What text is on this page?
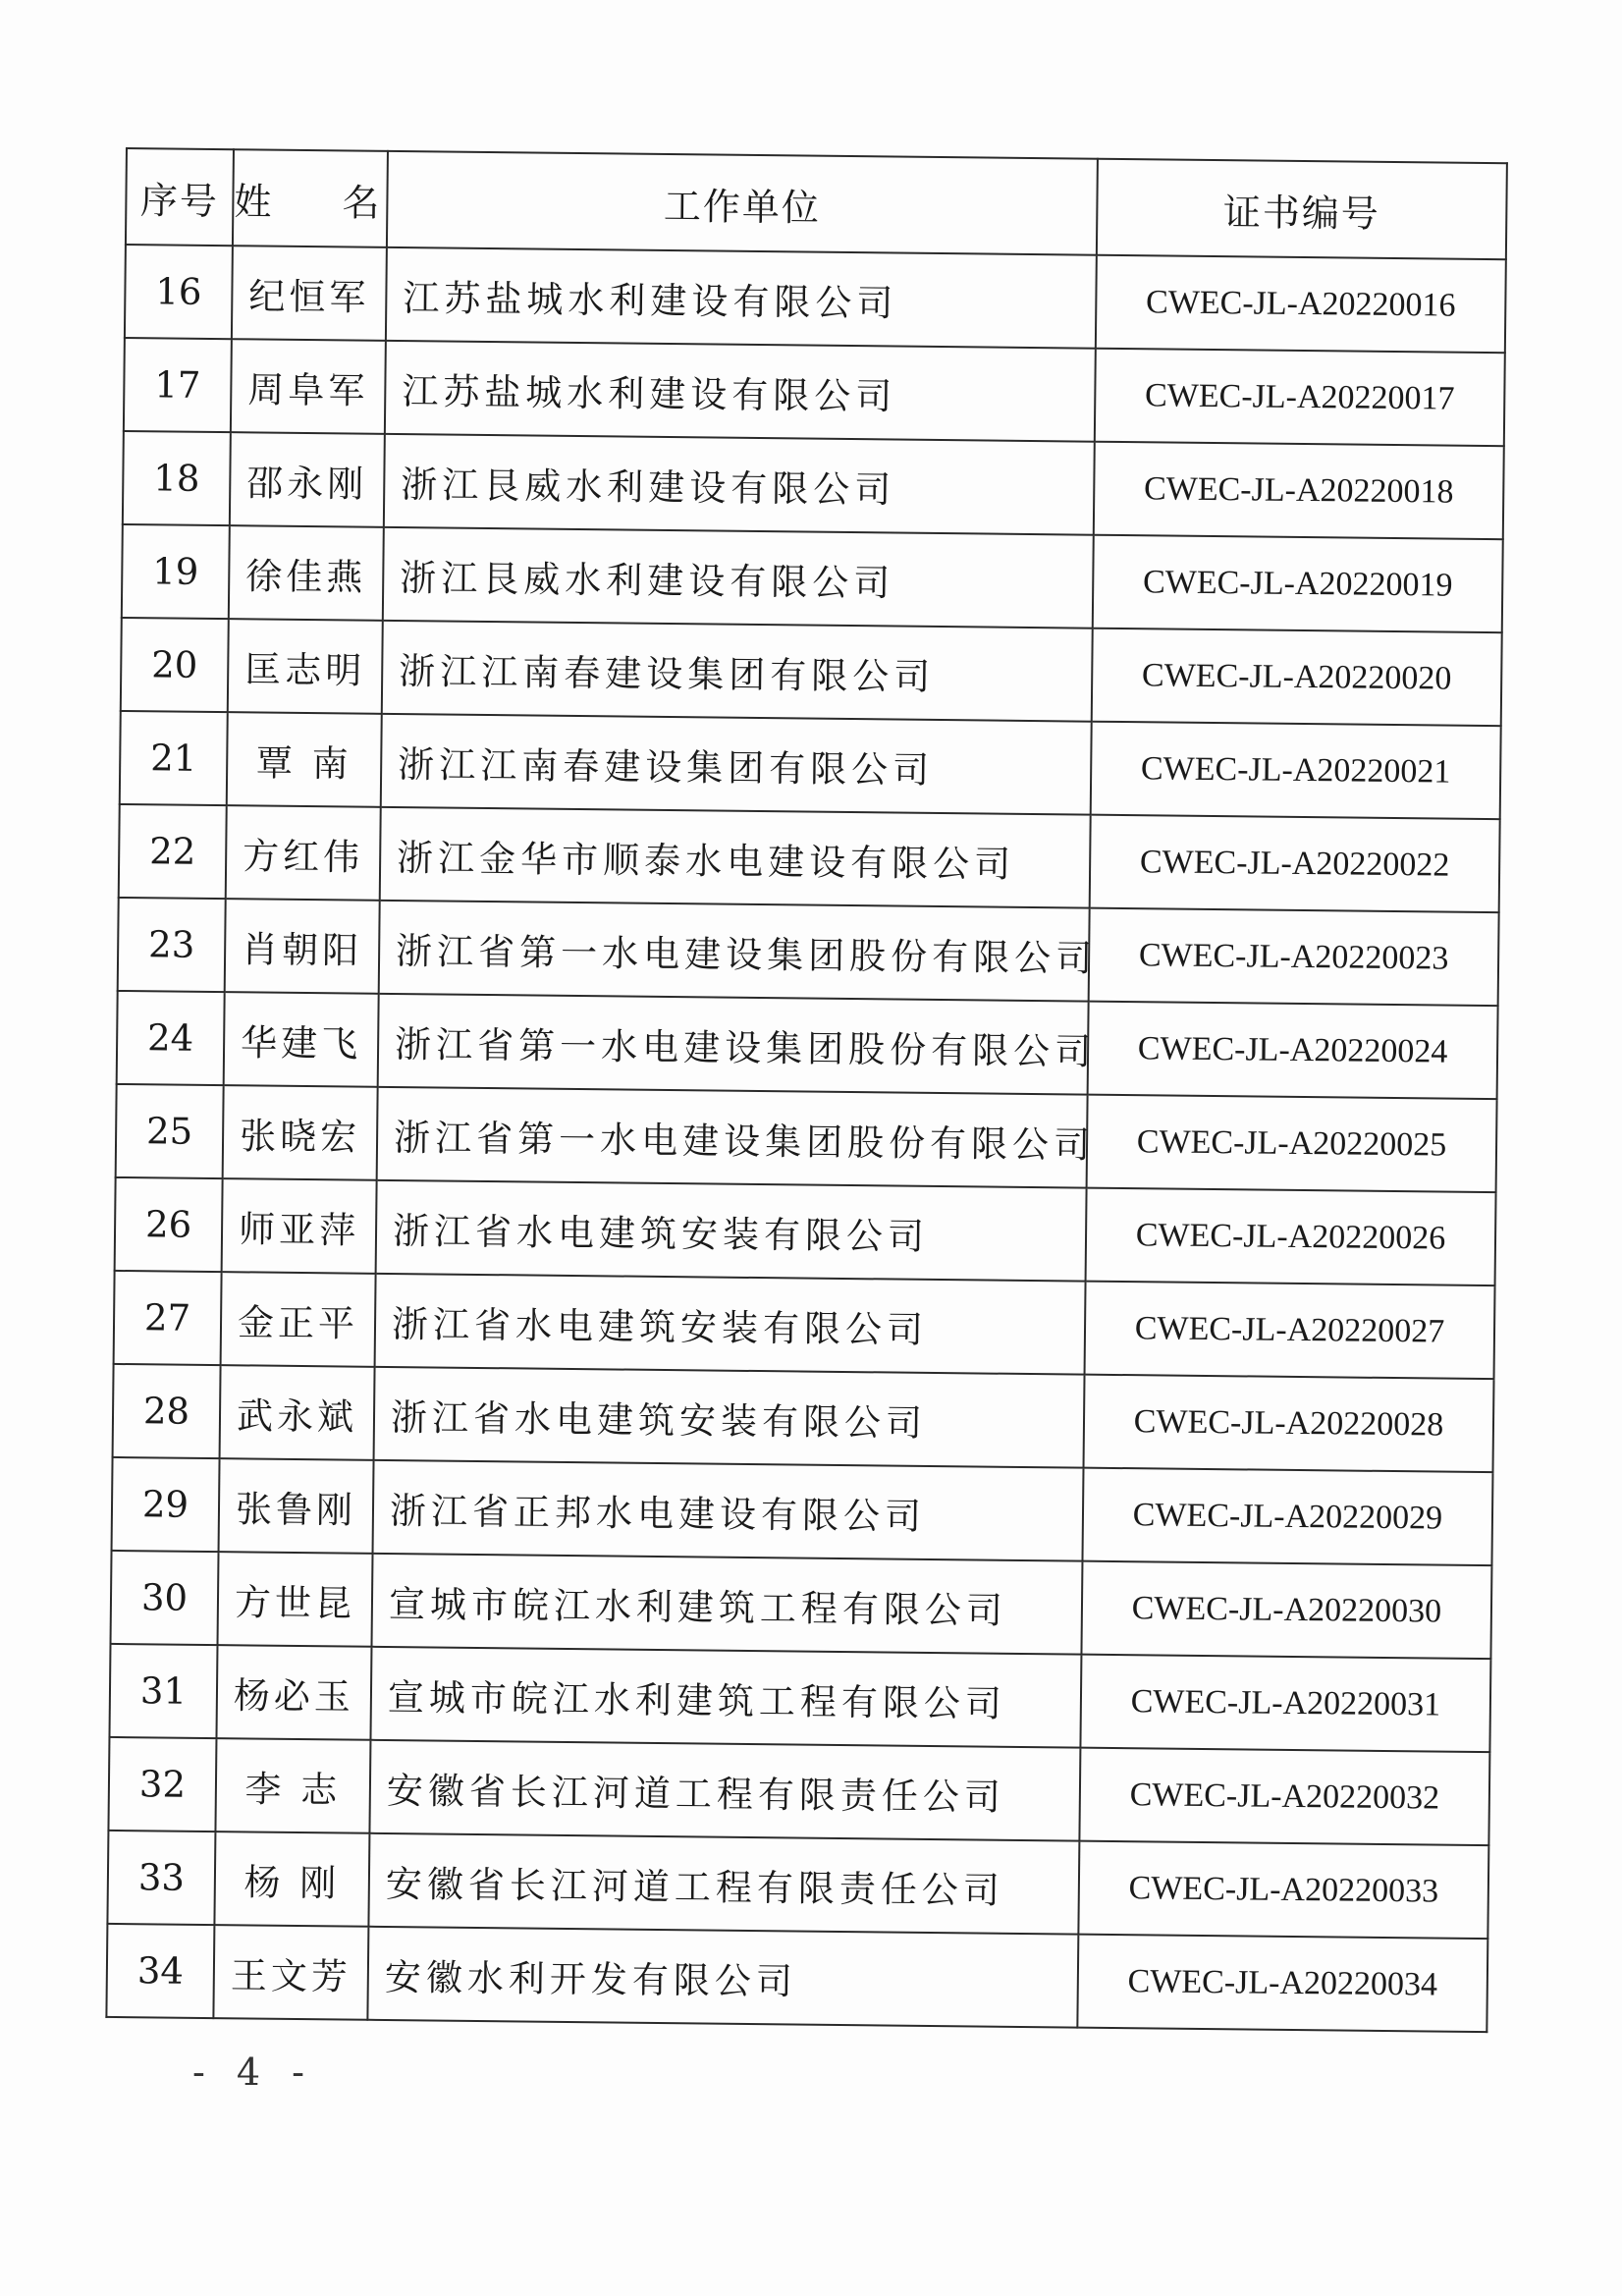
序号	姓 名	工作单位	证书编号
16	纪恒军	江苏盐城水利建设有限公司	CWEC-JL-A20220016
17	周阜军	江苏盐城水利建设有限公司	CWEC-JL-A20220017
18	邵永刚	浙江艮威水利建设有限公司	CWEC-JL-A20220018
19	徐佳燕	浙江艮威水利建设有限公司	CWEC-JL-A20220019
20	匡志明	浙江江南春建设集团有限公司	CWEC-JL-A20220020
21	覃 南	浙江江南春建设集团有限公司	CWEC-JL-A20220021
22	方红伟	浙江金华市顺泰水电建设有限公司	CWEC-JL-A20220022
23	肖朝阳	浙江省第一水电建设集团股份有限公司	CWEC-JL-A20220023
24	华建飞	浙江省第一水电建设集团股份有限公司	CWEC-JL-A20220024
25	张晓宏	浙江省第一水电建设集团股份有限公司	CWEC-JL-A20220025
26	师亚萍	浙江省水电建筑安装有限公司	CWEC-JL-A20220026
27	金正平	浙江省水电建筑安装有限公司	CWEC-JL-A20220027
28	武永斌	浙江省水电建筑安装有限公司	CWEC-JL-A20220028
29	张鲁刚	浙江省正邦水电建设有限公司	CWEC-JL-A20220029
30	方世昆	宣城市皖江水利建筑工程有限公司	CWEC-JL-A20220030
31	杨必玉	宣城市皖江水利建筑工程有限公司	CWEC-JL-A20220031
32	李 志	安徽省长江河道工程有限责任公司	CWEC-JL-A20220032
33	杨 刚	安徽省长江河道工程有限责任公司	CWEC-JL-A20220033
34	王文芳	安徽水利开发有限公司	CWEC-JL-A20220034
- 4 -
